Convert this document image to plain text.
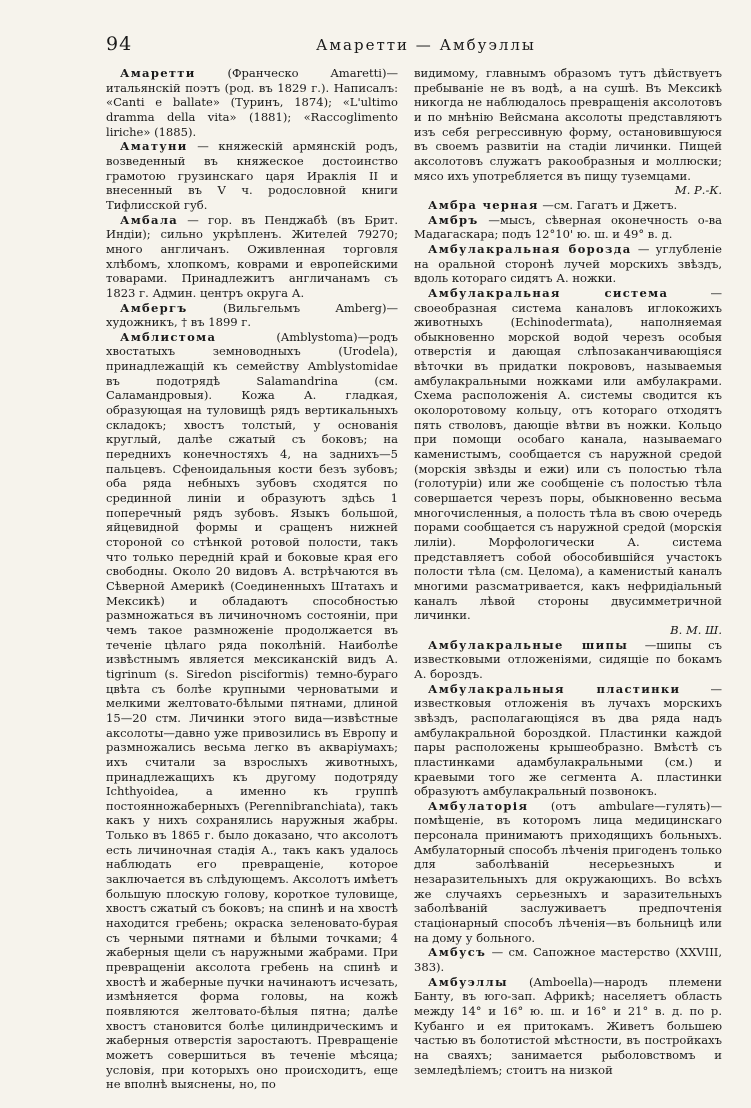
94	Амаретти — Амбуэллы

Амаретти	(Франческо Amaretti)—итальянскій поэтъ (род. въ 1829 г.). Написалъ: «Canti e ballate» (Туринъ, 1874); «L'ultimo dramma della vita» (1881); «Raccoglimento liriche» (1885).

Аматуни — княжескій армянскій родъ, возведенный въ княжеское достоинство грамотою грузинскаго царя Ираклія II и внесенный въ V ч. родословной книги Тифлисской губ.

Амбала — гор. въ Пенджабѣ (въ Брит. Индіи); сильно укрѣпленъ. Жителей 79270; много англичанъ. Оживленная торговля хлѣбомъ, хлопкомъ, коврами и европейскими товарами. Принадлежитъ англичанамъ съ 1823 г. Админ. центръ округа А.

Амбергъ	(Вильгельмъ Amberg)—художникъ, † въ 1899 г.

Амблистома	(Amblystoma)—родъ хвостатыхъ земноводныхъ (Urodela), принадлежащій къ семейству Amblystomidae въ подотрядѣ Salamandrina (см. Саламандровыя). Кожа А. гладкая, образующая на туловищѣ рядъ вертикальныхъ складокъ; хвостъ толстый, у основанія круглый, далѣе сжатый съ боковъ; на переднихъ конечностяхъ 4, на заднихъ—5 пальцевъ. Сфеноидальныя кости безъ зубовъ; оба ряда небныхъ зубовъ сходятся по срединной линіи и образуютъ здѣсь 1 поперечный рядъ зубовъ. Языкъ большой, яйцевидной формы и сращенъ нижней стороной со стѣнкой ротовой полости, такъ что только передній край и боковые края его свободны. Около 20 видовъ А. встрѣчаются въ Сѣверной Америкѣ (Соединенныхъ Штатахъ и Мексикѣ) и обладаютъ способностью размножаться въ личиночномъ состояніи, при чемъ такое размноженіе продолжается въ теченіе цѣлаго ряда поколѣній. Наиболѣе извѣстнымъ является мексиканскій видъ А. tigrinum (s. Siredon pisciformis) темно-бураго цвѣта съ болѣе крупными черноватыми и мелкими желтовато-бѣлыми пятнами, длиной 15—20 стм. Личинки этого вида—извѣстные аксолоты—давно уже привозились въ Европу и размножались весьма легко въ акваріумахъ; ихъ считали за взрослыхъ животныхъ, принадлежащихъ къ другому подотряду Ichthyoidea, а именно къ группѣ постоянножаберныхъ (Perennibranchiata), такъ какъ у нихъ сохранялись наружныя жабры. Только въ 1865 г. было доказано, что аксолотъ есть личиночная стадія А., такъ какъ удалось наблюдать его превращеніе, которое заключается въ слѣдующемъ. Аксолотъ имѣетъ большую плоскую голову, короткое туловище, хвостъ сжатый съ боковъ; на спинѣ и на хвостѣ находится гребень; окраска зеленовато-бурая съ черными пятнами и бѣлыми точками; 4 жаберныя щели съ наружными жабрами. При превращеніи аксолота гребень на спинѣ и хвостѣ и жаберные пучки начинаютъ исчезать, измѣняется форма головы, на кожѣ появляются желтовато-бѣлыя пятна; далѣе хвостъ становится болѣе цилиндрическимъ и жаберныя отверстія заростаютъ. Превращеніе можетъ совершиться въ теченіе мѣсяца; условія, при которыхъ оно происходитъ, еще не вполнѣ выяснены, но, по

видимому, главнымъ образомъ тутъ дѣйствуетъ пребываніе не въ водѣ, а на сушѣ. Въ Мексикѣ никогда не наблюдалось превращенія аксолотовъ и по мнѣнію Вейсмана аксолоты представляютъ изъ себя регрессивную форму, остановившуюся въ своемъ развитіи на стадіи личинки. Пищей аксолотовъ служатъ ракообразныя и моллюски; мясо ихъ употребляется въ пищу туземцами.
М. Р.-К.

Амбра черная —см. Гагатъ и Джетъ.

Амбръ —мысъ, сѣверная оконечность о-ва Мадагаскара; подъ 12°10' ю. ш. и 49° в. д.

Амбулакральная борозда — углубленіе на оральной сторонѣ лучей морскихъ звѣздъ, вдоль котораго сидятъ А. ножки.

Амбулакральная система	— своеобразная система каналовъ иглокожихъ животныхъ (Echinodermata), наполняемая обыкновенно морской водой черезъ особыя отверстія и дающая слѣпозаканчивающіяся вѣточки въ придатки покрововъ, называемыя амбулакральными ножками или амбулакрами. Схема расположенія А. системы сводится къ околоротовому кольцу, отъ котораго отходятъ пять стволовъ, дающіе вѣтви въ ножки. Кольцо при помощи особаго канала, называемаго каменистымъ, сообщается съ наружной средой (морскія звѣзды и ежи) или съ полостью тѣла (голотуріи) или же сообщеніе съ полостью тѣла совершается черезъ поры, обыкновенно весьма многочисленныя, а полость тѣла въ свою очередь порами сообщается съ наружной средой (морскія лиліи). Морфологически А. система представляетъ собой обособившійся участокъ полости тѣла (см. Целома), а каменистый каналъ многими разсматривается, какъ нефридіальный каналъ лѣвой стороны двусимметричной личинки.
В. М. Ш.

Амбулакральные шипы —шипы съ известковыми отложеніями, сидящіе по бокамъ А. бороздъ.

Амбулакральныя пластинки	— известковыя отложенія въ лучахъ морскихъ звѣздъ, располагающіяся въ два ряда надъ амбулакральной бороздкой. Пластинки каждой пары расположены крышеобразно. Вмѣстѣ съ пластинками адамбулакральными (см.) и краевыми того же сегмента А. пластинки образуютъ амбулакральный позвонокъ.

Амбулаторія (отъ ambulare—гулять)—помѣщеніе, въ которомъ лица медицинскаго персонала принимаютъ приходящихъ больныхъ. Амбулаторный способъ лѣченія пригоденъ только для заболѣваній несерьезныхъ и незаразительныхъ для окружающихъ. Во всѣхъ же случаяхъ серьезныхъ и заразительныхъ заболѣваній заслуживаетъ предпочтенія стаціонарный способъ лѣченія—въ больницѣ или на дому у больного.

Амбусъ — см. Сапожное мастерство (XXVIII, 383).

Амбуэллы (Amboella)—народъ племени Банту, въ юго-зап. Африкѣ; населяетъ область между 14° и 16° ю. ш. и 16° и 21° в. д. по р. Кубанго и ея притокамъ. Живетъ большею частью въ болотистой мѣстности, въ постройкахъ на сваяхъ; занимается рыболовствомъ и земледѣліемъ; стоитъ на низкой
